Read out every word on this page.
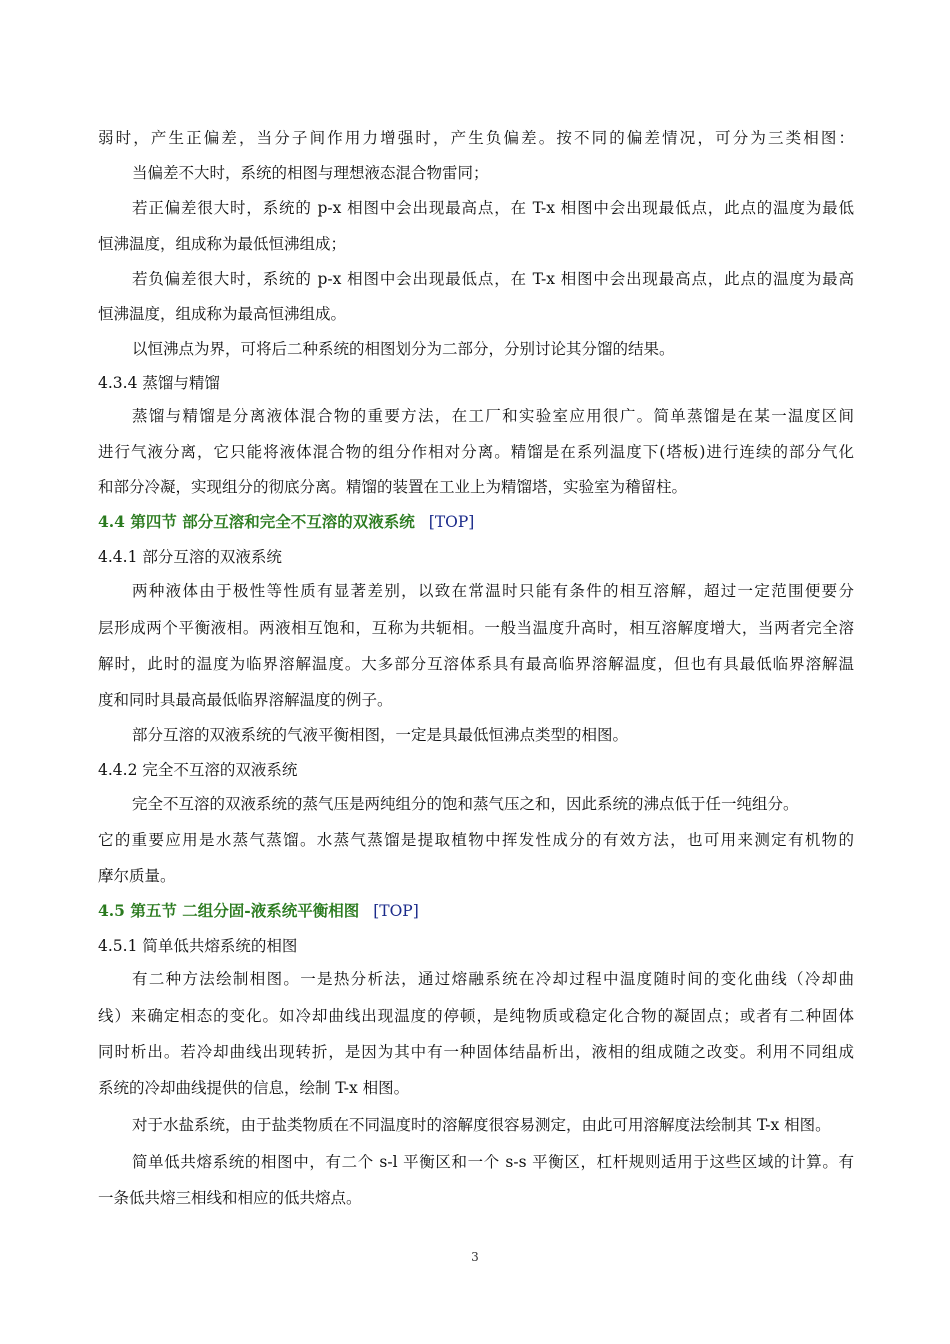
弱时，产生正偏差，当分子间作用力增强时，产生负偏差。按不同的偏差情况，可分为三类相图：
当偏差不大时，系统的相图与理想液态混合物雷同；
若正偏差很大时，系统的 p-x 相图中会出现最高点，在 T-x 相图中会出现最低点，此点的温度为最低
恒沸温度，组成称为最低恒沸组成；
若负偏差很大时，系统的 p-x 相图中会出现最低点，在 T-x 相图中会出现最高点，此点的温度为最高
恒沸温度，组成称为最高恒沸组成。
以恒沸点为界，可将后二种系统的相图划分为二部分，分别讨论其分馏的结果。
4.3.4 蒸馏与精馏
蒸馏与精馏是分离液体混合物的重要方法，在工厂和实验室应用很广。简单蒸馏是在某一温度区间
进行气液分离，它只能将液体混合物的组分作相对分离。精馏是在系列温度下(塔板)进行连续的部分气化
和部分冷凝，实现组分的彻底分离。精馏的装置在工业上为精馏塔，实验室为稽留柱。
4.4 第四节 部分互溶和完全不互溶的双液系统 [TOP]
4.4.1 部分互溶的双液系统
两种液体由于极性等性质有显著差别，以致在常温时只能有条件的相互溶解，超过一定范围便要分
层形成两个平衡液相。两液相互饱和，互称为共轭相。一般当温度升高时，相互溶解度增大，当两者完全溶
解时，此时的温度为临界溶解温度。大多部分互溶体系具有最高临界溶解温度，但也有具最低临界溶解温
度和同时具最高最低临界溶解温度的例子。
部分互溶的双液系统的气液平衡相图，一定是具最低恒沸点类型的相图。
4.4.2 完全不互溶的双液系统
完全不互溶的双液系统的蒸气压是两纯组分的饱和蒸气压之和，因此系统的沸点低于任一纯组分。
它的重要应用是水蒸气蒸馏。水蒸气蒸馏是提取植物中挥发性成分的有效方法，也可用来测定有机物的
摩尔质量。
4.5 第五节 二组分固-液系统平衡相图 [TOP]
4.5.1 简单低共熔系统的相图
有二种方法绘制相图。一是热分析法，通过熔融系统在冷却过程中温度随时间的变化曲线（冷却曲
线）来确定相态的变化。如冷却曲线出现温度的停顿，是纯物质或稳定化合物的凝固点；或者有二种固体
同时析出。若冷却曲线出现转折，是因为其中有一种固体结晶析出，液相的组成随之改变。利用不同组成
系统的冷却曲线提供的信息，绘制 T-x 相图。
对于水盐系统，由于盐类物质在不同温度时的溶解度很容易测定，由此可用溶解度法绘制其 T-x 相图。
简单低共熔系统的相图中，有二个 s-l 平衡区和一个 s-s 平衡区，杠杆规则适用于这些区域的计算。有
一条低共熔三相线和相应的低共熔点。
3
